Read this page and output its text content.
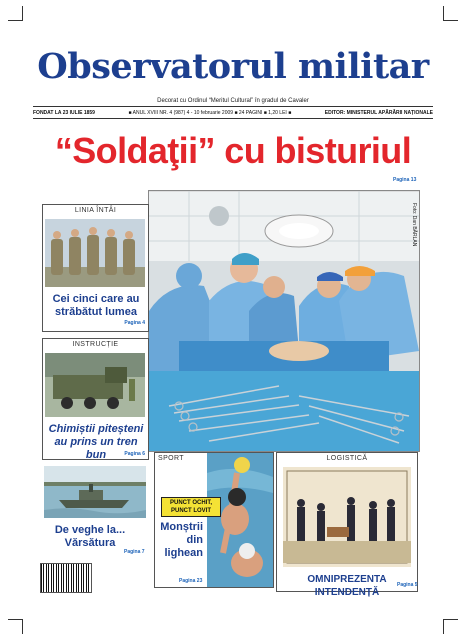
Observatorul militar
Decorat cu Ordinul “Meritul Cultural” în gradul de Cavaler
FONDAT LA 23 IULIE 1859	■ ANUL XVIII NR. 4 (987) 4 - 10 februarie 2009 ■ 24 PAGINI ■ 1,20 LEI ■	EDITOR: MINISTERUL APĂRĂRII NAȚIONALE
“Soldaţii” cu bisturiul
Pagina 13
Foto: Dan BĂRLAN
LINIA ÎNTÂI
Cei cinci care au străbătut lumea
Pagina 4
INSTRUCȚIE
Chimiștii piteșteni au prins un tren bun	Pagina 6
De veghe la...
Vărsătura
Pagina 7
SPORT
PUNCT OCHIT, PUNCT LOVIT
Monștrii
din
lighean
Pagina 23
LOGISTICĂ
OMNIPREZENTA INTENDENȚĂ
Pagina 5
